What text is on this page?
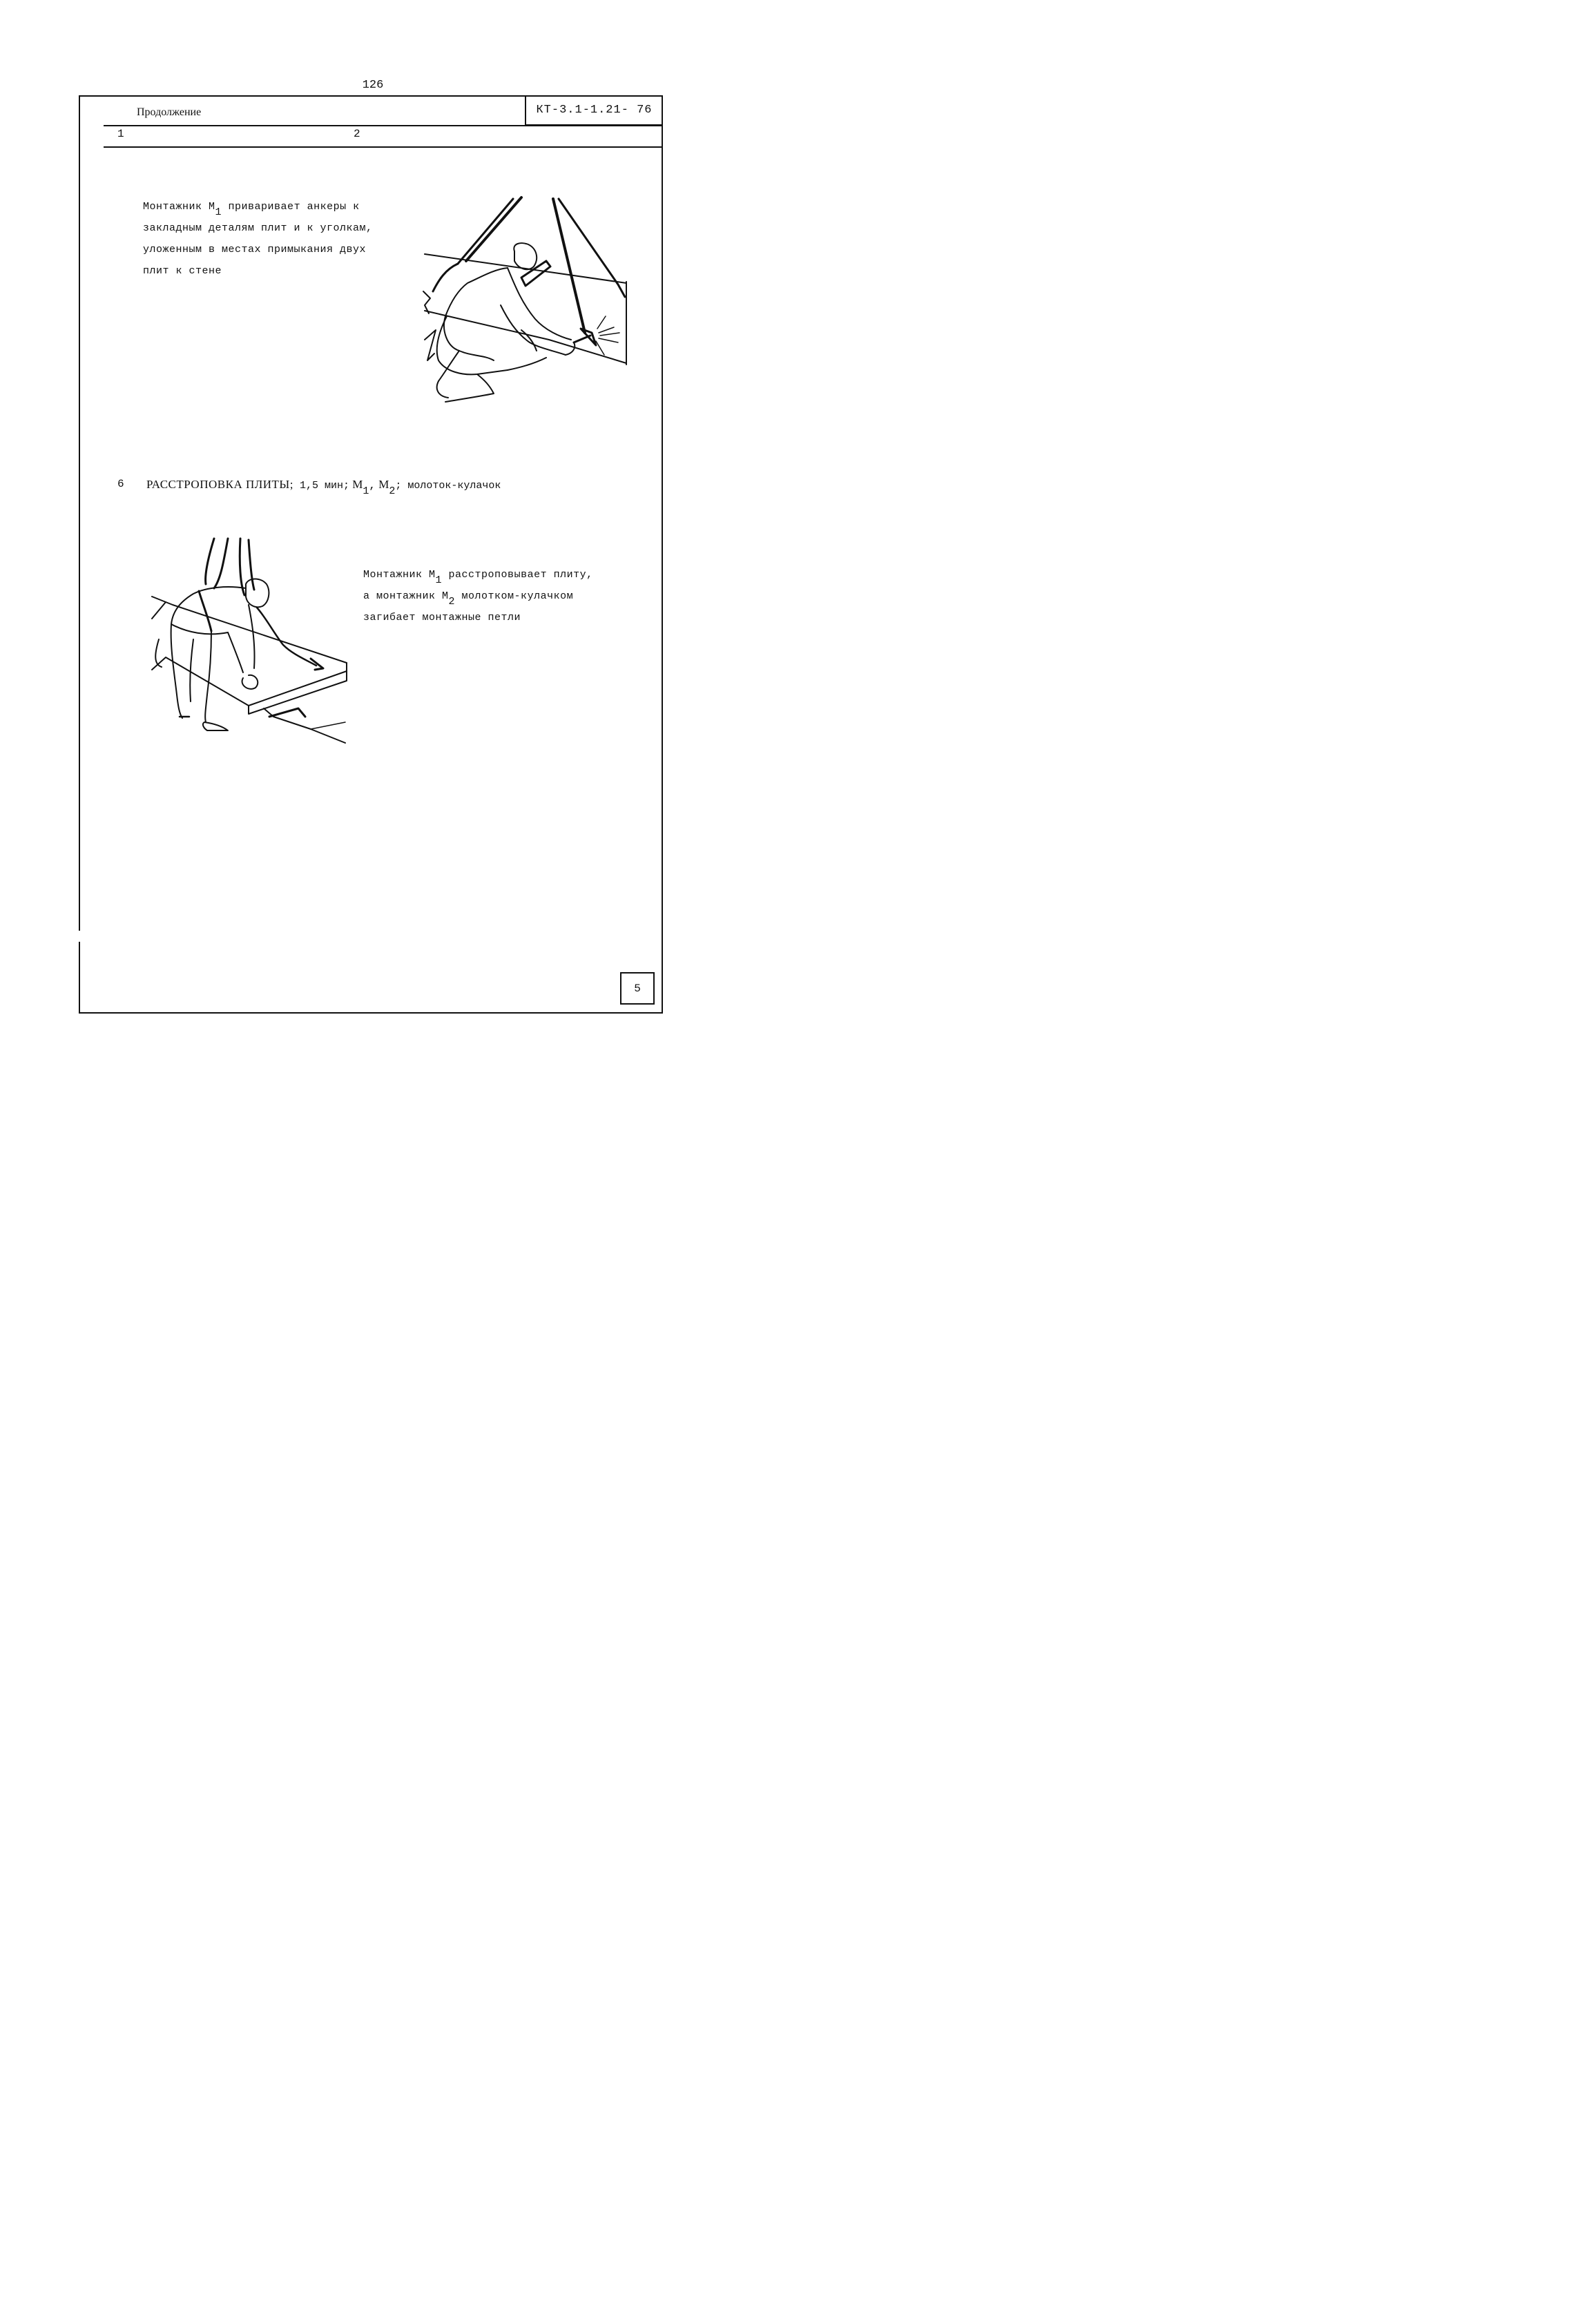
126
Продолжение	КТ-3.1-1.21- 76
1	2
Монтажник $М_1$ приваривает анкеры к
закладным деталям плит и к уголкам,
уложенным в местах примыкания двух
плит к стене
6 РАССТРОПОВКА ПЛИТЫ; 1,5 мин; $М_1$, $М_2$; молоток-кулачок
Монтажник $М_1$ расстроповывает плиту,
а монтажник $М_2$ молотком-кулачком
загибает монтажные петли
5
